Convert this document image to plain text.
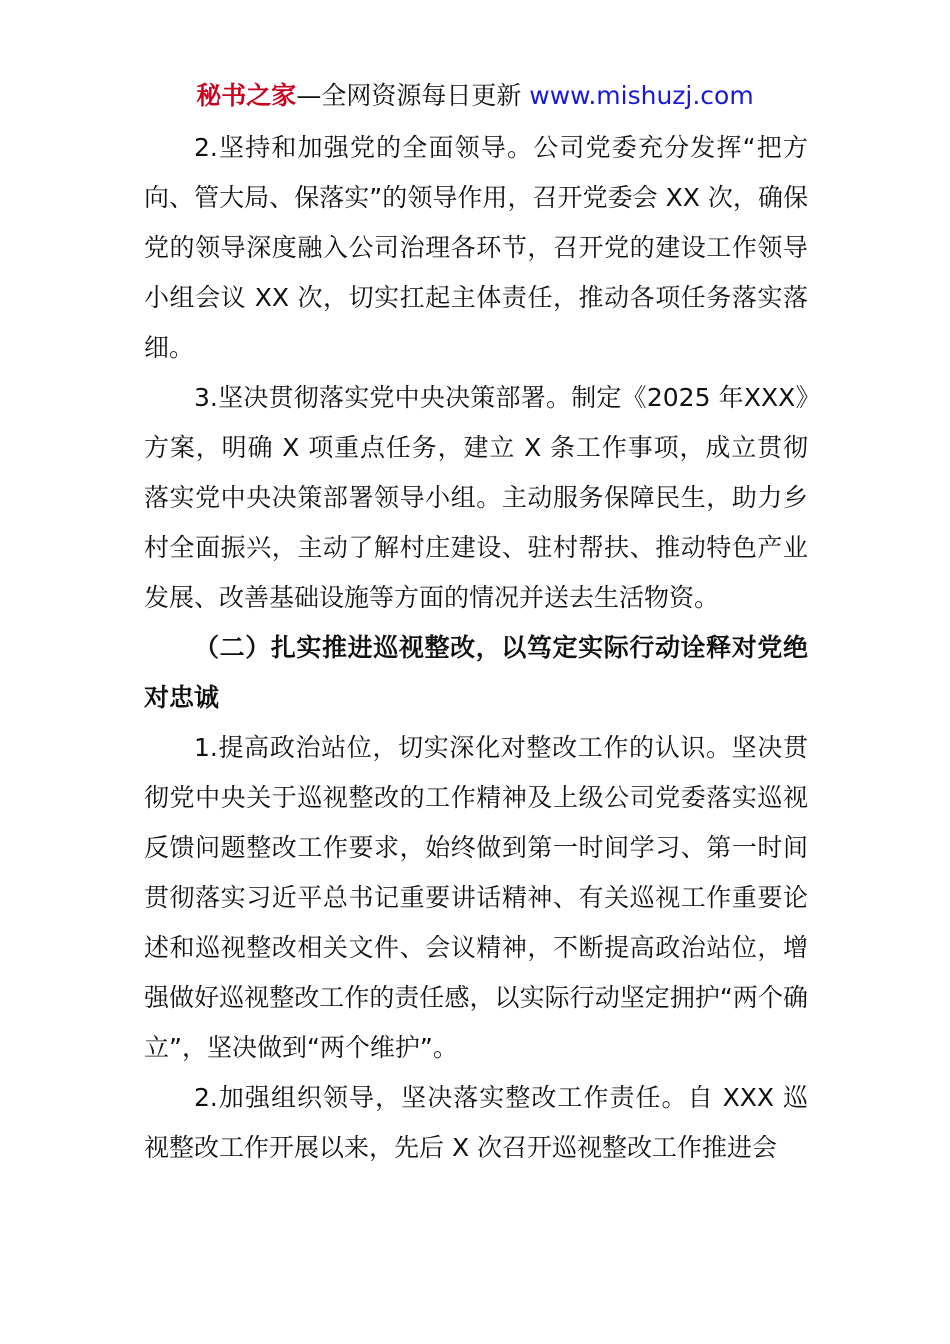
秘书之家—全网资源每日更新 www.mishuzj.com

2.坚持和加强党的全面领导。公司党委充分发挥“把方向、管大局、保落实”的领导作用，召开党委会 XX 次，确保党的领导深度融入公司治理各环节，召开党的建设工作领导小组会议 XX 次，切实扛起主体责任，推动各项任务落实落细。

3.坚决贯彻落实党中央决策部署。制定《2025 年XXX》方案，明确 X 项重点任务，建立 X 条工作事项，成立贯彻落实党中央决策部署领导小组。主动服务保障民生，助力乡村全面振兴，主动了解村庄建设、驻村帮扶、推动特色产业发展、改善基础设施等方面的情况并送去生活物资。

（二）扎实推进巡视整改，以笃定实际行动诠释对党绝对忠诚

1.提高政治站位，切实深化对整改工作的认识。坚决贯彻党中央关于巡视整改的工作精神及上级公司党委落实巡视反馈问题整改工作要求，始终做到第一时间学习、第一时间贯彻落实习近平总书记重要讲话精神、有关巡视工作重要论述和巡视整改相关文件、会议精神，不断提高政治站位，增强做好巡视整改工作的责任感，以实际行动坚定拥护“两个确立”，坚决做到“两个维护”。

2.加强组织领导，坚决落实整改工作责任。自 XXX 巡视整改工作开展以来，先后 X 次召开巡视整改工作推进会
